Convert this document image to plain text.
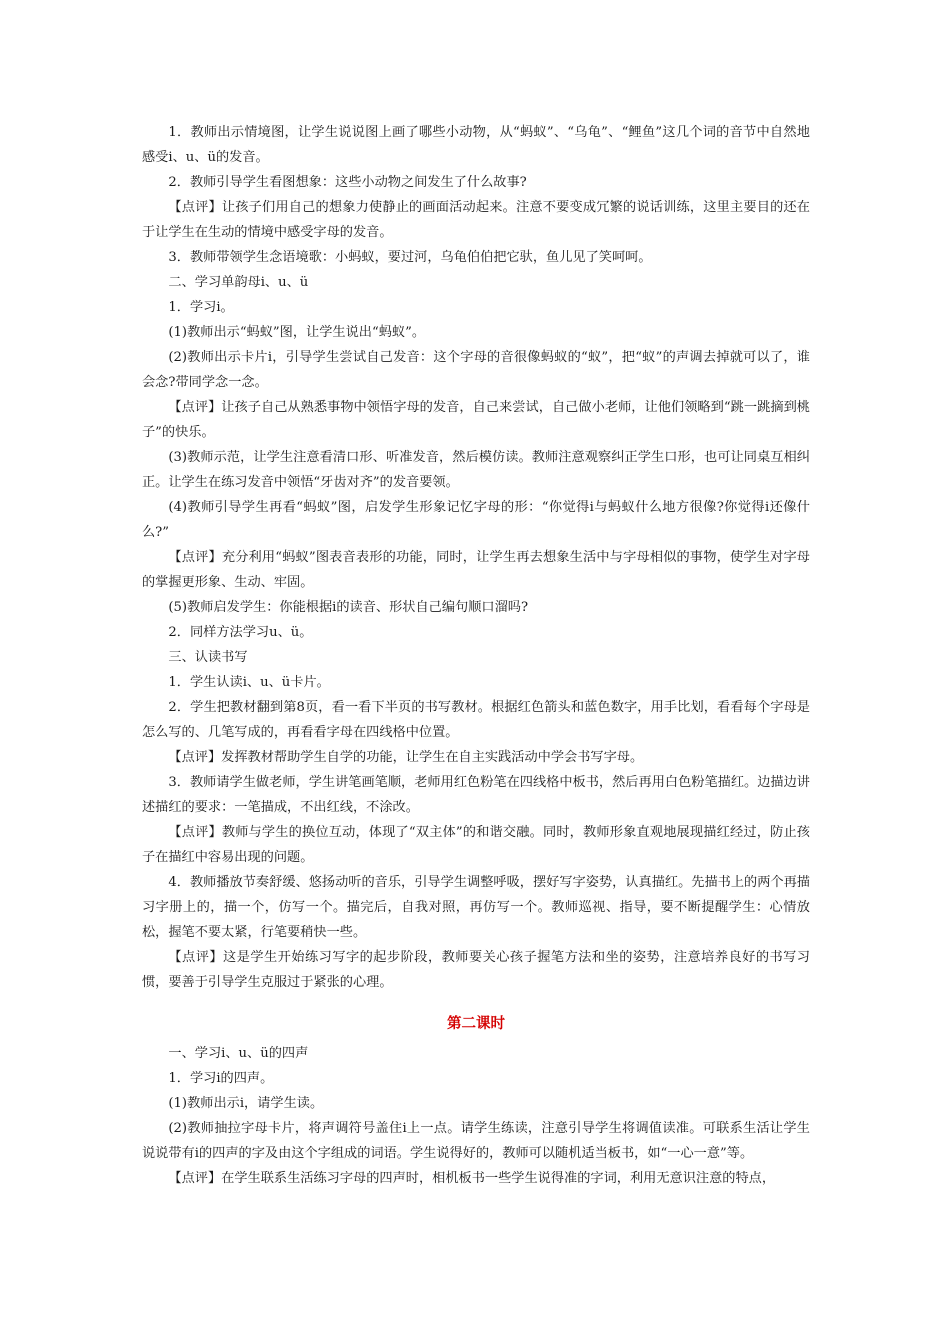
1．教师出示情境图，让学生说说图上画了哪些小动物，从“蚂蚁”、“乌龟”、“鲤鱼”这几个词的音节中自然地感受i、u、ü的发音。

2．教师引导学生看图想象：这些小动物之间发生了什么故事?

【点评】让孩子们用自己的想象力使静止的画面活动起来。注意不要变成冗繁的说话训练，这里主要目的还在于让学生在生动的情境中感受字母的发音。

3．教师带领学生念语境歌：小蚂蚁，要过河，乌龟伯伯把它驮，鱼儿见了笑呵呵。

二、学习单韵母i、u、ü

1．学习i。

(1)教师出示“蚂蚁”图，让学生说出“蚂蚁”。

(2)教师出示卡片i，引导学生尝试自己发音：这个字母的音很像蚂蚁的“蚁”，把“蚁”的声调去掉就可以了，谁会念?带同学念一念。

【点评】让孩子自己从熟悉事物中领悟字母的发音，自己来尝试，自己做小老师，让他们领略到“跳一跳摘到桃子”的快乐。

(3)教师示范，让学生注意看清口形、听准发音，然后模仿读。教师注意观察纠正学生口形，也可让同桌互相纠正。让学生在练习发音中领悟“牙齿对齐”的发音要领。

(4)教师引导学生再看“蚂蚁”图，启发学生形象记忆字母的形：“你觉得i与蚂蚁什么地方很像?你觉得i还像什么?”

【点评】充分利用“蚂蚁”图表音表形的功能，同时，让学生再去想象生活中与字母相似的事物，使学生对字母的掌握更形象、生动、牢固。

(5)教师启发学生：你能根据i的读音、形状自己编句顺口溜吗?

2．同样方法学习u、ü。

三、认读书写

1．学生认读i、u、ü卡片。

2．学生把教材翻到第8页，看一看下半页的书写教材。根据红色箭头和蓝色数字，用手比划，看看每个字母是怎么写的、几笔写成的，再看看字母在四线格中位置。

【点评】发挥教材帮助学生自学的功能，让学生在自主实践活动中学会书写字母。

3．教师请学生做老师，学生讲笔画笔顺，老师用红色粉笔在四线格中板书，然后再用白色粉笔描红。边描边讲述描红的要求：一笔描成，不出红线，不涂改。

【点评】教师与学生的换位互动，体现了“双主体”的和谐交融。同时，教师形象直观地展现描红经过，防止孩子在描红中容易出现的问题。

4．教师播放节奏舒缓、悠扬动听的音乐，引导学生调整呼吸，摆好写字姿势，认真描红。先描书上的两个再描习字册上的，描一个，仿写一个。描完后，自我对照，再仿写一个。教师巡视、指导，要不断提醒学生：心情放松，握笔不要太紧，行笔要稍快一些。

【点评】这是学生开始练习写字的起步阶段，教师要关心孩子握笔方法和坐的姿势，注意培养良好的书写习惯，要善于引导学生克服过于紧张的心理。

第二课时

一、学习i、u、ü的四声

1．学习i的四声。

(1)教师出示i，请学生读。

(2)教师抽拉字母卡片，将声调符号盖住i上一点。请学生练读，注意引导学生将调值读准。可联系生活让学生说说带有i的四声的字及由这个字组成的词语。学生说得好的，教师可以随机适当板书，如“一心一意”等。

【点评】在学生联系生活练习字母的四声时，相机板书一些学生说得准的字词，利用无意识注意的特点，
